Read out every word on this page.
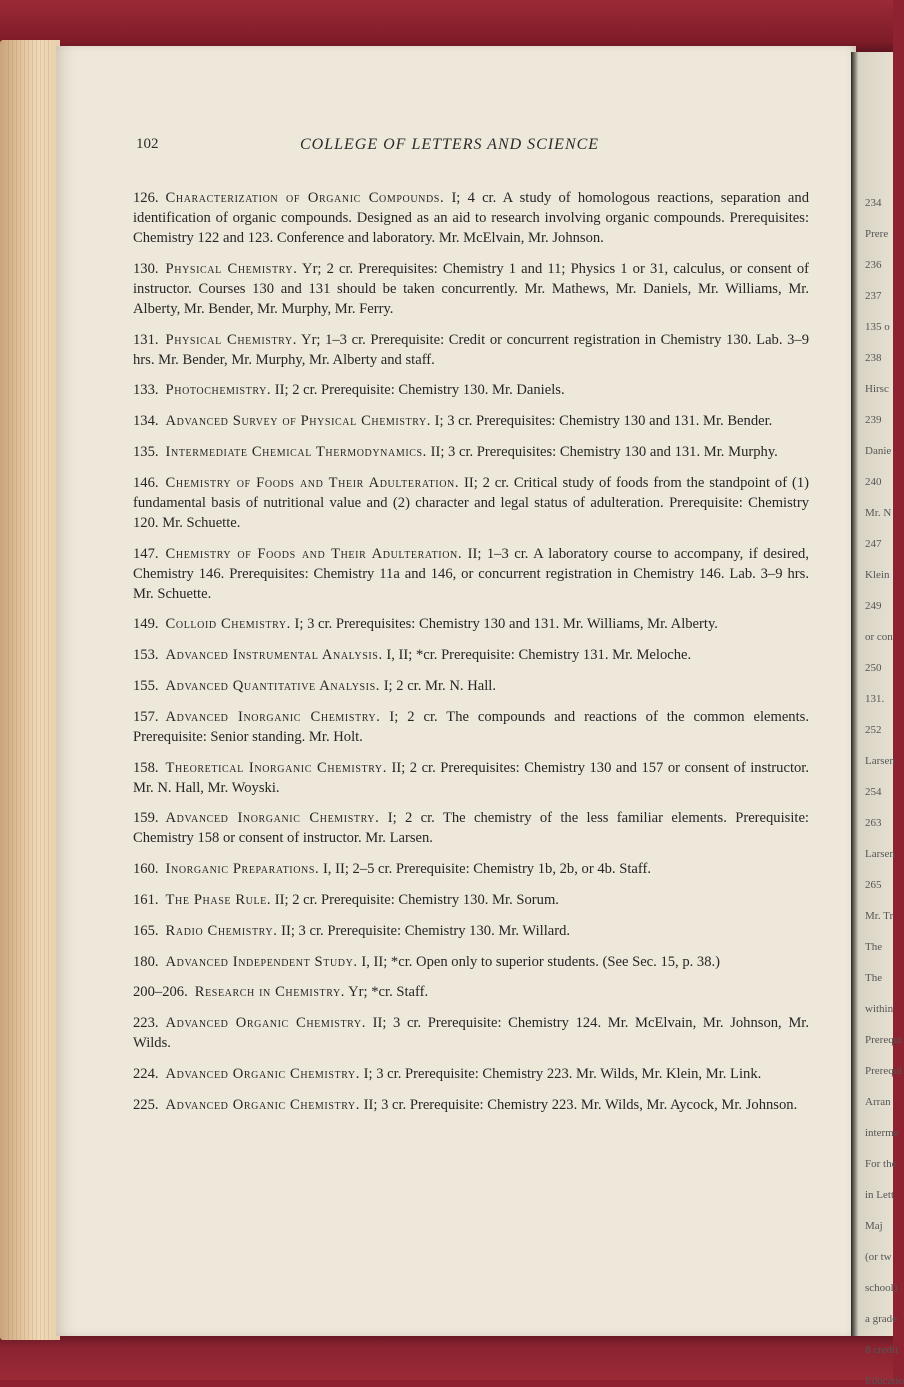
234
Prere
236
237
135 o
238
Hirsc
239
Danie
240
Mr. N
247
Klein
249
or con
250
131.
252
Larsen
254
263
Larsen
265
Mr. Tr
The
The
within
Prerequi
Prerequi
Arran
interme
For the
in Lett
Maj
(or tw
school)
a grade
8 credit
Educatio
102	COLLEGE OF LETTERS AND SCIENCE

126. Characterization of Organic Compounds. I; 4 cr. A study of homologous reactions, separation and identification of organic compounds. Designed as an aid to research involving organic compounds. Prerequisites: Chemistry 122 and 123. Conference and laboratory. Mr. McElvain, Mr. Johnson.

130. Physical Chemistry. Yr; 2 cr. Prerequisites: Chemistry 1 and 11; Physics 1 or 31, calculus, or consent of instructor. Courses 130 and 131 should be taken concurrently. Mr. Mathews, Mr. Daniels, Mr. Williams, Mr. Alberty, Mr. Bender, Mr. Murphy, Mr. Ferry.

131. Physical Chemistry. Yr; 1–3 cr. Prerequisite: Credit or concurrent registration in Chemistry 130. Lab. 3–9 hrs. Mr. Bender, Mr. Murphy, Mr. Alberty and staff.

133. Photochemistry. II; 2 cr. Prerequisite: Chemistry 130. Mr. Daniels.

134. Advanced Survey of Physical Chemistry. I; 3 cr. Prerequisites: Chemistry 130 and 131. Mr. Bender.

135. Intermediate Chemical Thermodynamics. II; 3 cr. Prerequisites: Chemistry 130 and 131. Mr. Murphy.

146. Chemistry of Foods and Their Adulteration. II; 2 cr. Critical study of foods from the standpoint of (1) fundamental basis of nutritional value and (2) character and legal status of adulteration. Prerequisite: Chemistry 120. Mr. Schuette.

147. Chemistry of Foods and Their Adulteration. II; 1–3 cr. A laboratory course to accompany, if desired, Chemistry 146. Prerequisites: Chemistry 11a and 146, or concurrent registration in Chemistry 146. Lab. 3–9 hrs. Mr. Schuette.

149. Colloid Chemistry. I; 3 cr. Prerequisites: Chemistry 130 and 131. Mr. Williams, Mr. Alberty.

153. Advanced Instrumental Analysis. I, II; *cr. Prerequisite: Chemistry 131. Mr. Meloche.

155. Advanced Quantitative Analysis. I; 2 cr. Mr. N. Hall.

157. Advanced Inorganic Chemistry. I; 2 cr. The compounds and reactions of the common elements. Prerequisite: Senior standing. Mr. Holt.

158. Theoretical Inorganic Chemistry. II; 2 cr. Prerequisites: Chemistry 130 and 157 or consent of instructor. Mr. N. Hall, Mr. Woyski.

159. Advanced Inorganic Chemistry. I; 2 cr. The chemistry of the less familiar elements. Prerequisite: Chemistry 158 or consent of instructor. Mr. Larsen.

160. Inorganic Preparations. I, II; 2–5 cr. Prerequisite: Chemistry 1b, 2b, or 4b. Staff.

161. The Phase Rule. II; 2 cr. Prerequisite: Chemistry 130. Mr. Sorum.

165. Radio Chemistry. II; 3 cr. Prerequisite: Chemistry 130. Mr. Willard.

180. Advanced Independent Study. I, II; *cr. Open only to superior students. (See Sec. 15, p. 38.)

200–206. Research in Chemistry. Yr; *cr. Staff.

223. Advanced Organic Chemistry. II; 3 cr. Prerequisite: Chemistry 124. Mr. McElvain, Mr. Johnson, Mr. Wilds.

224. Advanced Organic Chemistry. I; 3 cr. Prerequisite: Chemistry 223. Mr. Wilds, Mr. Klein, Mr. Link.

225. Advanced Organic Chemistry. II; 3 cr. Prerequisite: Chemistry 223. Mr. Wilds, Mr. Aycock, Mr. Johnson.
